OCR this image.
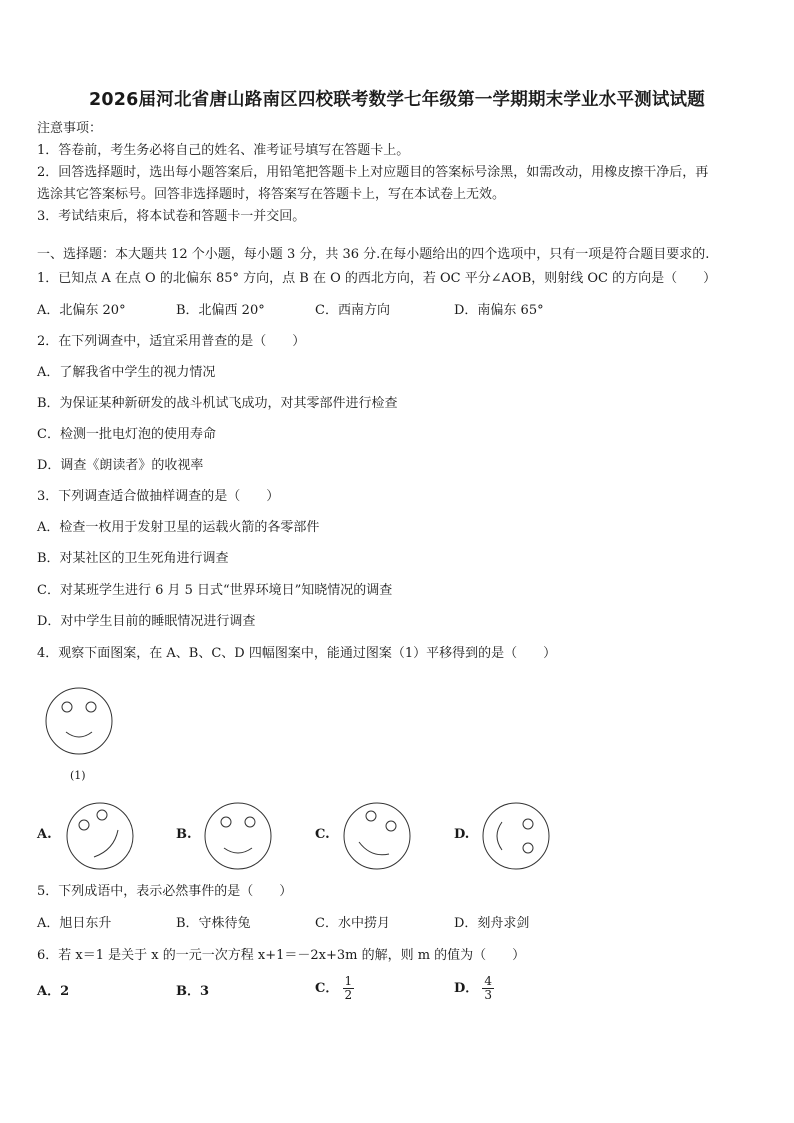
2026届河北省唐山路南区四校联考数学七年级第一学期期末学业水平测试试题
注意事项：
1．答卷前，考生务必将自己的姓名、准考证号填写在答题卡上。
2．回答选择题时，选出每小题答案后，用铅笔把答题卡上对应题目的答案标号涂黑，如需改动，用橡皮擦干净后，再
选涂其它答案标号。回答非选择题时，将答案写在答题卡上，写在本试卷上无效。
3．考试结束后，将本试卷和答题卡一并交回。
一、选择题：本大题共 12 个小题，每小题 3 分，共 36 分.在每小题给出的四个选项中，只有一项是符合题目要求的.
1．已知点 A 在点 O 的北偏东 85° 方向，点 B 在 O 的西北方向，若 OC 平分∠AOB，则射线 OC 的方向是（　　）
A．北偏东 20°	B．北偏西 20°	C．西南方向	D．南偏东 65°
2．在下列调查中，适宜采用普查的是（　　）
A．了解我省中学生的视力情况
B．为保证某种新研发的战斗机试飞成功，对其零部件进行检查
C．检测一批电灯泡的使用寿命
D．调查《朗读者》的收视率
3．下列调查适合做抽样调查的是（　　）
A．检查一枚用于发射卫星的运载火箭的各零部件
B．对某社区的卫生死角进行调查
C．对某班学生进行 6 月 5 日式“世界环境日”知晓情况的调查
D．对中学生目前的睡眠情况进行调查
4．观察下面图案，在 A、B、C、D 四幅图案中，能通过图案（1）平移得到的是（　　）
(1)
A.	B.	C.	D.
5．下列成语中，表示必然事件的是（　　）
A．旭日东升	B．守株待兔	C．水中捞月	D．刻舟求剑
6．若 x＝1 是关于 x 的一元一次方程 x+1＝－2x+3m 的解，则 m 的值为（　　）
A．2	B．3	C． $\frac{1}{2}$	D． $\frac{4}{3}$
